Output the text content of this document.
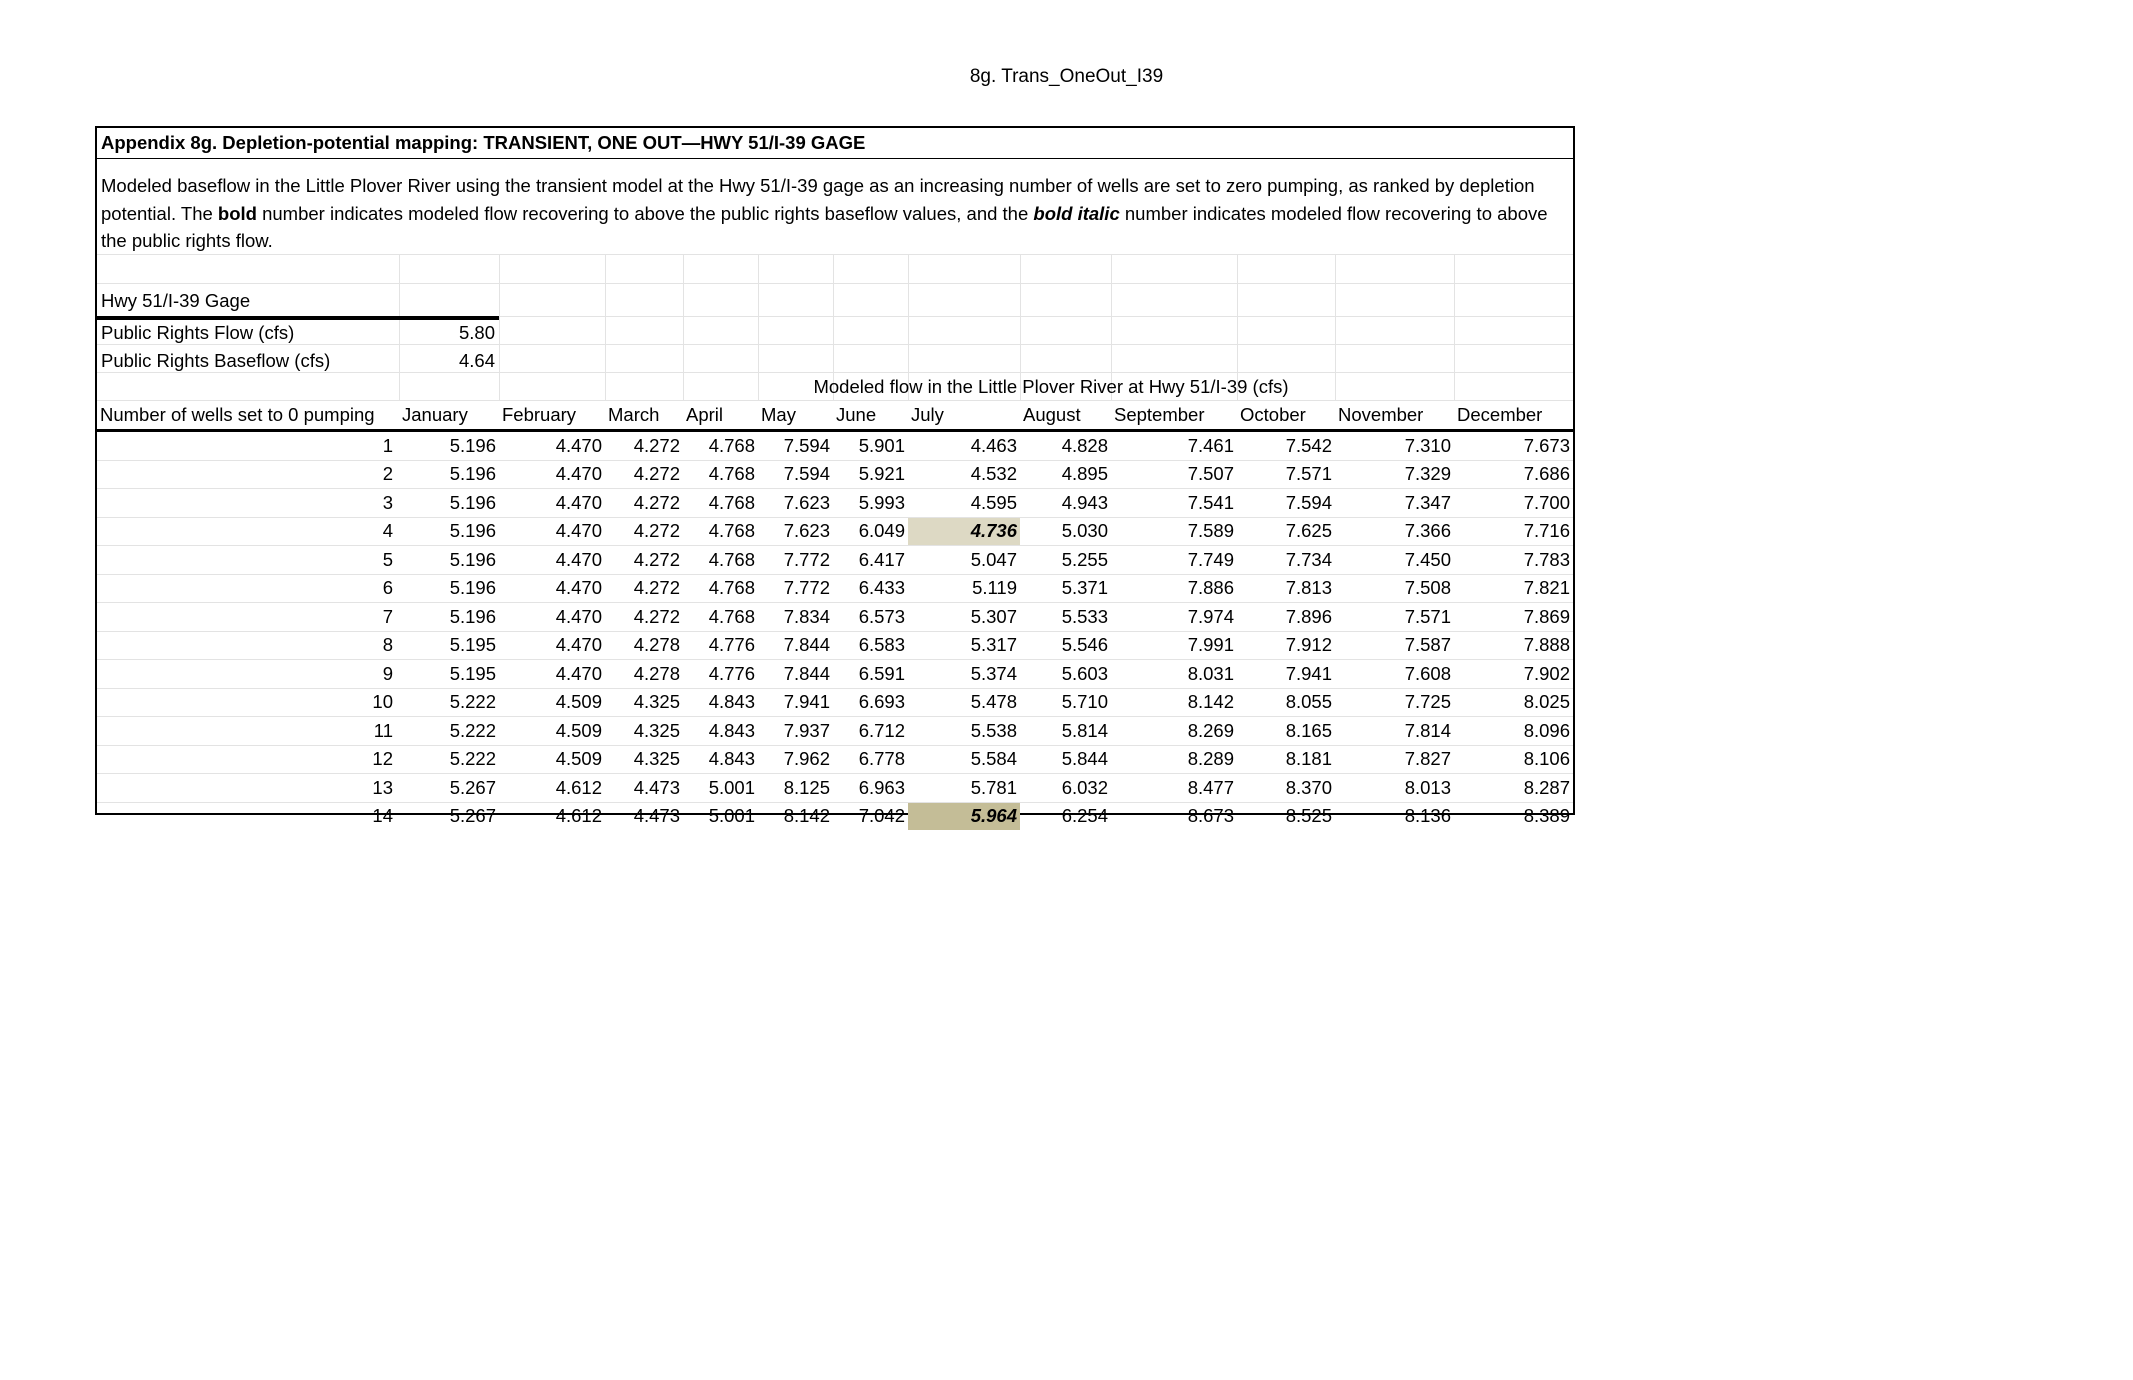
8g. Trans_OneOut_I39
Appendix 8g. Depletion-potential mapping: TRANSIENT, ONE OUT—HWY 51/I-39 GAGE
Modeled baseflow in the Little Plover River using the transient model at the Hwy 51/I-39 gage as an increasing number of wells are set to zero pumping, as ranked by depletion potential. The bold number indicates modeled flow recovering to above the public rights baseflow values, and the bold italic number indicates modeled flow recovering to above the public rights flow.
Hwy 51/I-39 Gage
Public Rights Flow (cfs)	5.80
Public Rights Baseflow (cfs)	4.64
Modeled flow in the Little Plover River at Hwy 51/I-39 (cfs)
Number of wells set to 0 pumping	January	February	March	April	May	June	July	August	September	October	November	December
1	5.196	4.470	4.272	4.768	7.594	5.901	4.463	4.828	7.461	7.542	7.310	7.673
2	5.196	4.470	4.272	4.768	7.594	5.921	4.532	4.895	7.507	7.571	7.329	7.686
3	5.196	4.470	4.272	4.768	7.623	5.993	4.595	4.943	7.541	7.594	7.347	7.700
4	5.196	4.470	4.272	4.768	7.623	6.049	4.736	5.030	7.589	7.625	7.366	7.716
5	5.196	4.470	4.272	4.768	7.772	6.417	5.047	5.255	7.749	7.734	7.450	7.783
6	5.196	4.470	4.272	4.768	7.772	6.433	5.119	5.371	7.886	7.813	7.508	7.821
7	5.196	4.470	4.272	4.768	7.834	6.573	5.307	5.533	7.974	7.896	7.571	7.869
8	5.195	4.470	4.278	4.776	7.844	6.583	5.317	5.546	7.991	7.912	7.587	7.888
9	5.195	4.470	4.278	4.776	7.844	6.591	5.374	5.603	8.031	7.941	7.608	7.902
10	5.222	4.509	4.325	4.843	7.941	6.693	5.478	5.710	8.142	8.055	7.725	8.025
11	5.222	4.509	4.325	4.843	7.937	6.712	5.538	5.814	8.269	8.165	7.814	8.096
12	5.222	4.509	4.325	4.843	7.962	6.778	5.584	5.844	8.289	8.181	7.827	8.106
13	5.267	4.612	4.473	5.001	8.125	6.963	5.781	6.032	8.477	8.370	8.013	8.287
14	5.267	4.612	4.473	5.001	8.142	7.042	5.964	6.254	8.673	8.525	8.136	8.389
